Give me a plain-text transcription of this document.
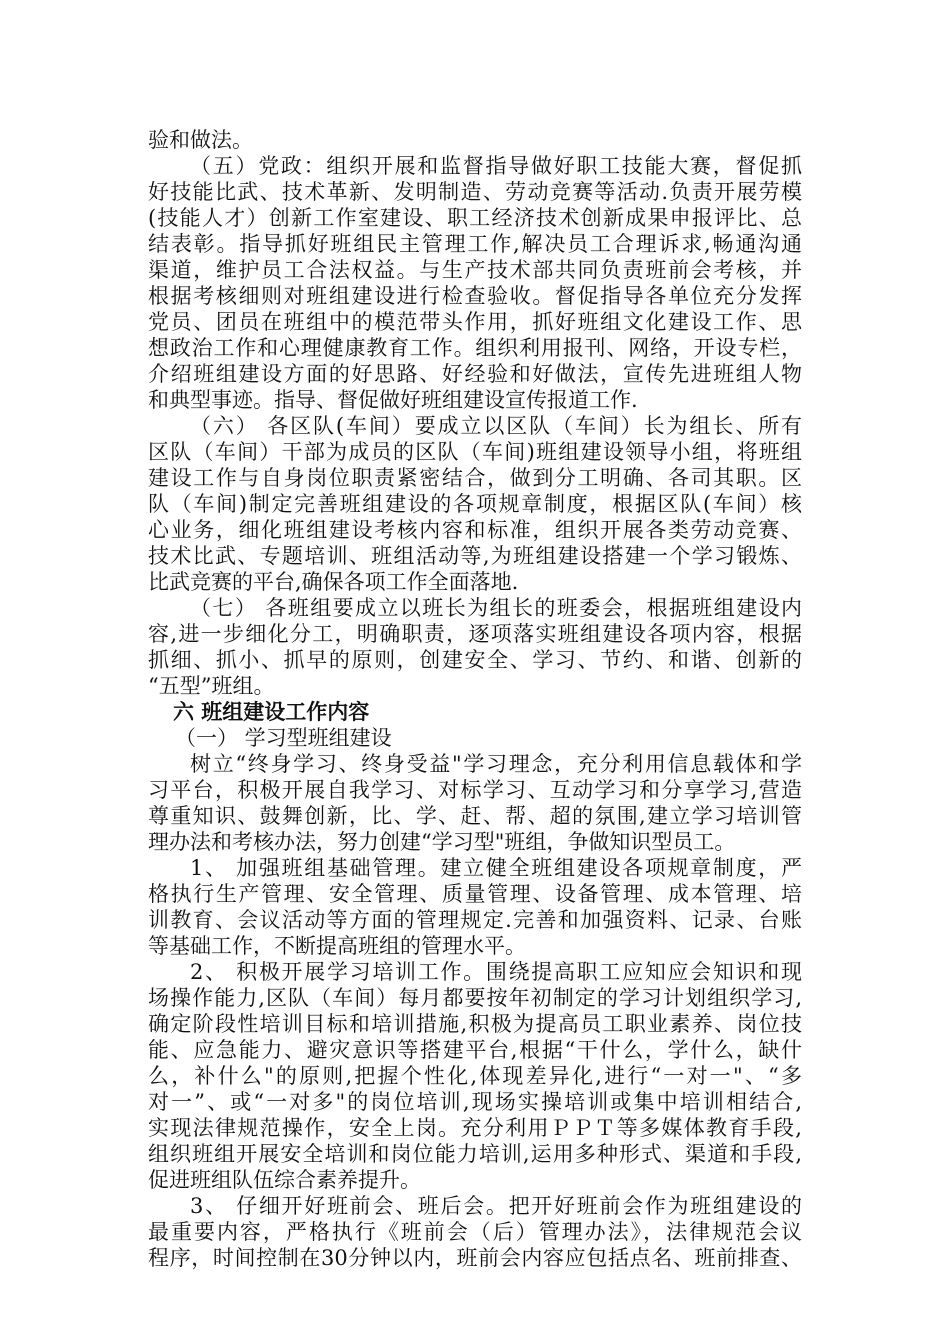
验和做法。
（五）党政：组织开展和监督指导做好职工技能大赛，督促抓
好技能比武、技术革新、发明制造、劳动竞赛等活动.负责开展劳模
(技能人才）创新工作室建设、职工经济技术创新成果申报评比、总
结表彰。指导抓好班组民主管理工作,解决员工合理诉求,畅通沟通
渠道，维护员工合法权益。与生产技术部共同负责班前会考核，并
根据考核细则对班组建设进行检查验收。督促指导各单位充分发挥
党员、团员在班组中的模范带头作用，抓好班组文化建设工作、思
想政治工作和心理健康教育工作。组织利用报刊、网络，开设专栏，
介绍班组建设方面的好思路、好经验和好做法，宣传先进班组人物
和典型事迹。指导、督促做好班组建设宣传报道工作.
（六） 各区队(车间）要成立以区队（车间）长为组长、所有
区队（车间）干部为成员的区队（车间)班组建设领导小组，将班组
建设工作与自身岗位职责紧密结合，做到分工明确、各司其职。区
队（车间)制定完善班组建设的各项规章制度，根据区队(车间）核
心业务，细化班组建设考核内容和标准，组织开展各类劳动竞赛、
技术比武、专题培训、班组活动等,为班组建设搭建一个学习锻炼、
比武竞赛的平台,确保各项工作全面落地.
（七） 各班组要成立以班长为组长的班委会，根据班组建设内
容,进一步细化分工，明确职责，逐项落实班组建设各项内容，根据
抓细、抓小、抓早的原则，创建安全、学习、节约、和谐、创新的
“五型”班组。
六 班组建设工作内容
（一） 学习型班组建设
树立“终身学习、终身受益"学习理念，充分利用信息载体和学
习平台，积极开展自我学习、对标学习、互动学习和分享学习,营造
尊重知识、鼓舞创新，比、学、赶、帮、超的氛围,建立学习培训管
理办法和考核办法，努力创建“学习型"班组，争做知识型员工。
1、 加强班组基础管理。建立健全班组建设各项规章制度，严
格执行生产管理、安全管理、质量管理、设备管理、成本管理、培
训教育、会议活动等方面的管理规定.完善和加强资料、记录、台账
等基础工作，不断提高班组的管理水平。
2、 积极开展学习培训工作。围绕提高职工应知应会知识和现
场操作能力,区队（车间）每月都要按年初制定的学习计划组织学习,
确定阶段性培训目标和培训措施,积极为提高员工职业素养、岗位技
能、应急能力、避灾意识等搭建平台,根据“干什么，学什么，缺什
么，补什么"的原则,把握个性化,体现差异化,进行“一对一"、“多
对一”、或“一对多"的岗位培训,现场实操培训或集中培训相结合,
实现法律规范操作，安全上岗。充分利用ＰＰＴ等多媒体教育手段,
组织班组开展安全培训和岗位能力培训,运用多种形式、渠道和手段,
促进班组队伍综合素养提升。
3、 仔细开好班前会、班后会。把开好班前会作为班组建设的
最重要内容，严格执行《班前会（后）管理办法》，法律规范会议
程序，时间控制在30分钟以内，班前会内容应包括点名、班前排查、
